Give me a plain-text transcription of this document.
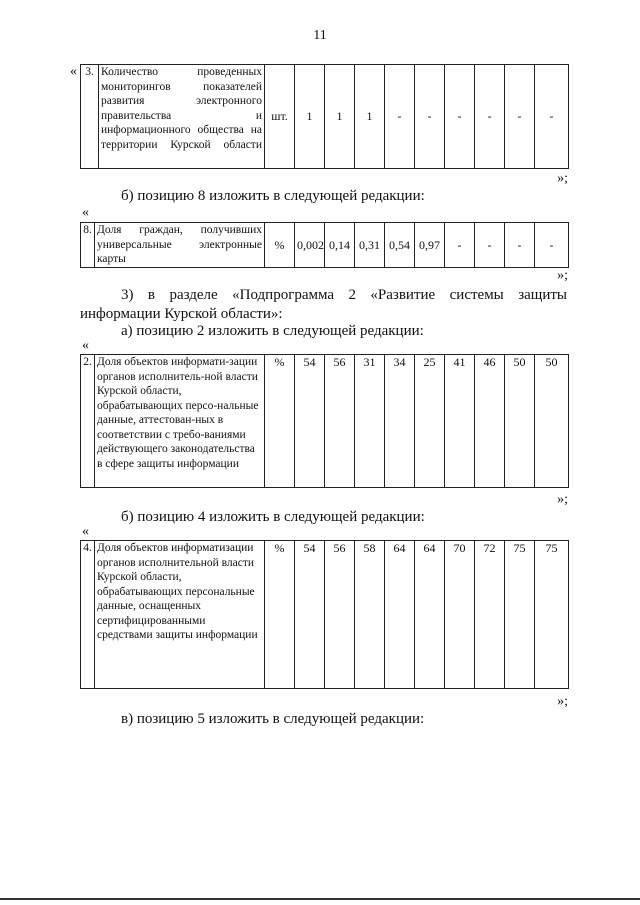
11
« 3.	Количество проведенных мониторингов показателей развития электронного правительства и информационного общества на территории Курской области	шт.	1	1	1	-	-	-	-	-	-
»;
б) позицию 8 изложить в следующей редакции:
«
8.	Доля граждан, получивших универсальные электронные карты	%	0,002	0,14	0,31	0,54	0,97	-	-	-	-
»;
3) в разделе «Подпрограмма 2 «Развитие системы защиты
информации Курской области»:
а) позицию 2 изложить в следующей редакции:
«
2.	Доля объектов информати-зации органов исполнитель-ной власти Курской области, обрабатывающих персо-нальные данные, аттестован-ных в соответствии с требо-ваниями действующего законодательства в сфере защиты информации	%	54	56	31	34	25	41	46	50	50
»;
б) позицию 4 изложить в следующей редакции:
«
4.	Доля объектов информатизации органов исполнительной власти Курской области, обрабатывающих персональные данные, оснащенных сертифицированными средствами защиты информации	%	54	56	58	64	64	70	72	75	75
»;
в) позицию 5 изложить в следующей редакции:
